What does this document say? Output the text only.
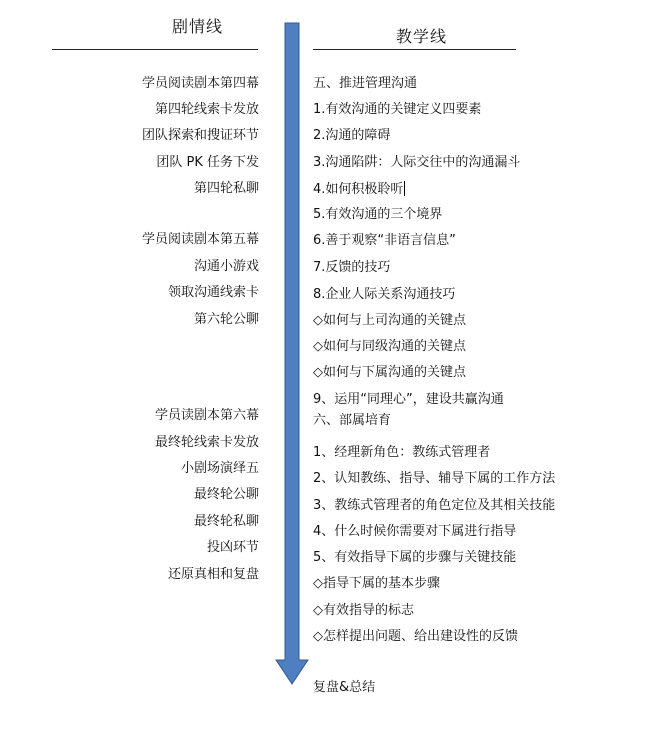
剧情线
教学线
学员阅读剧本第四幕
第四轮线索卡发放
团队探索和搜证环节
团队 PK 任务下发
第四轮私聊
学员阅读剧本第五幕
沟通小游戏
领取沟通线索卡
第六轮公聊
学员读剧本第六幕
最终轮线索卡发放
小剧场演绎五
最终轮公聊
最终轮私聊
投凶环节
还原真相和复盘
五、推进管理沟通
1.有效沟通的关键定义四要素
2.沟通的障碍
3.沟通陷阱：人际交往中的沟通漏斗
4.如何积极聆听
5.有效沟通的三个境界
6.善于观察“非语言信息”
7.反馈的技巧
8.企业人际关系沟通技巧
◇如何与上司沟通的关键点
◇如何与同级沟通的关键点
◇如何与下属沟通的关键点
9、运用“同理心”，建设共赢沟通
六、部属培育
1、经理新角色：教练式管理者
2、认知教练、指导、辅导下属的工作方法
3、教练式管理者的角色定位及其相关技能
4、什么时候你需要对下属进行指导
5、有效指导下属的步骤与关键技能
◇指导下属的基本步骤
◇有效指导的标志
◇怎样提出问题、给出建设性的反馈
复盘&总结
